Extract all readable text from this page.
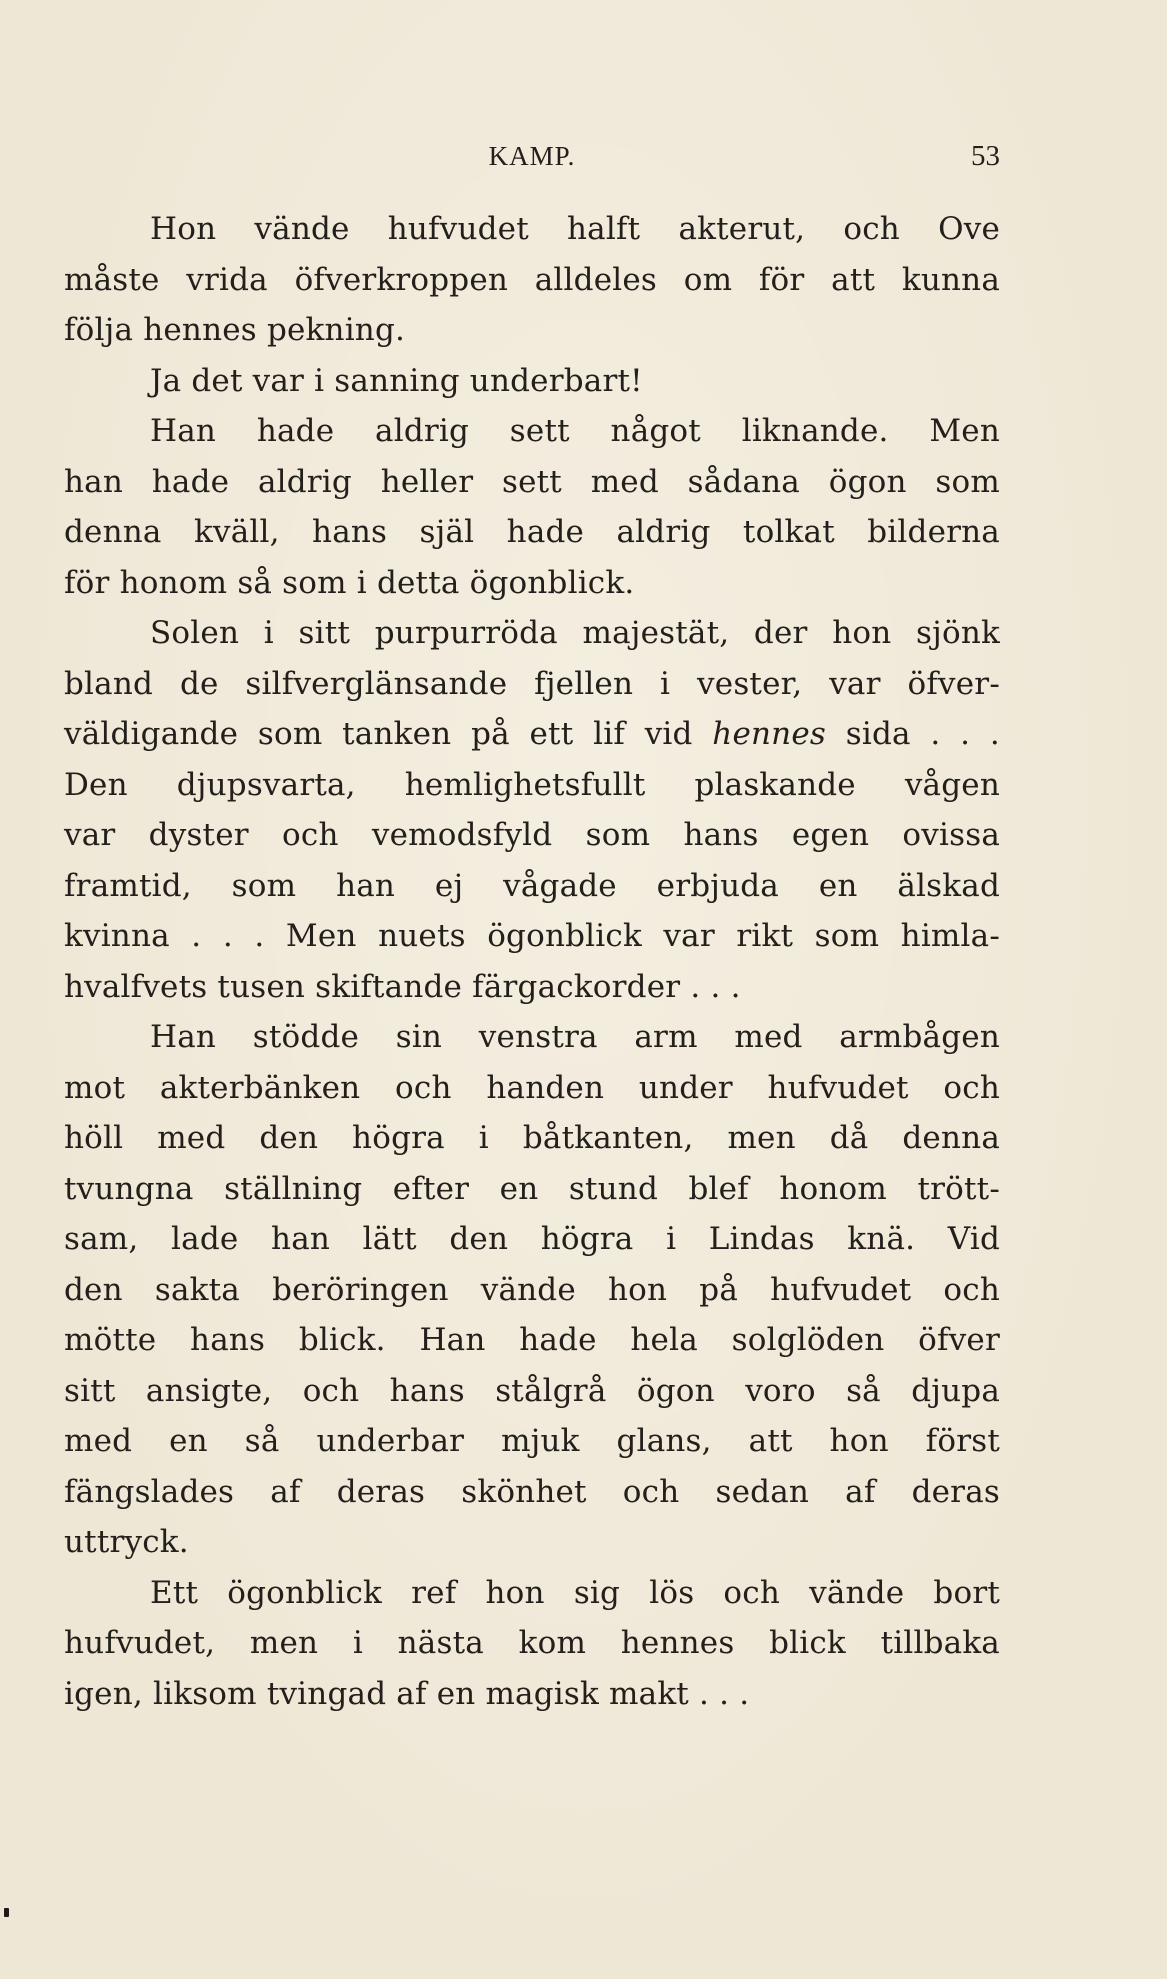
KAMP.	53
Hon vände hufvudet halft akterut, och Ove
måste vrida öfverkroppen alldeles om för att kunna
följa hennes pekning.
Ja det var i sanning underbart!
Han hade aldrig sett något liknande. Men
han hade aldrig heller sett med sådana ögon som
denna kväll, hans själ hade aldrig tolkat bilderna
för honom så som i detta ögonblick.
Solen i sitt purpurröda majestät, der hon sjönk
bland de silfverglänsande fjellen i vester, var öfver-
väldigande som tanken på ett lif vid hennes sida . . .
Den djupsvarta, hemlighetsfullt plaskande vågen
var dyster och vemodsfyld som hans egen ovissa
framtid, som han ej vågade erbjuda en älskad
kvinna . . . Men nuets ögonblick var rikt som himla-
hvalfvets tusen skiftande färgackorder . . .
Han stödde sin venstra arm med armbågen
mot akterbänken och handen under hufvudet och
höll med den högra i båtkanten, men då denna
tvungna ställning efter en stund blef honom trött-
sam, lade han lätt den högra i Lindas knä. Vid
den sakta beröringen vände hon på hufvudet och
mötte hans blick. Han hade hela solglöden öfver
sitt ansigte, och hans stålgrå ögon voro så djupa
med en så underbar mjuk glans, att hon först
fängslades af deras skönhet och sedan af deras
uttryck.
Ett ögonblick ref hon sig lös och vände bort
hufvudet, men i nästa kom hennes blick tillbaka
igen, liksom tvingad af en magisk makt . . .
